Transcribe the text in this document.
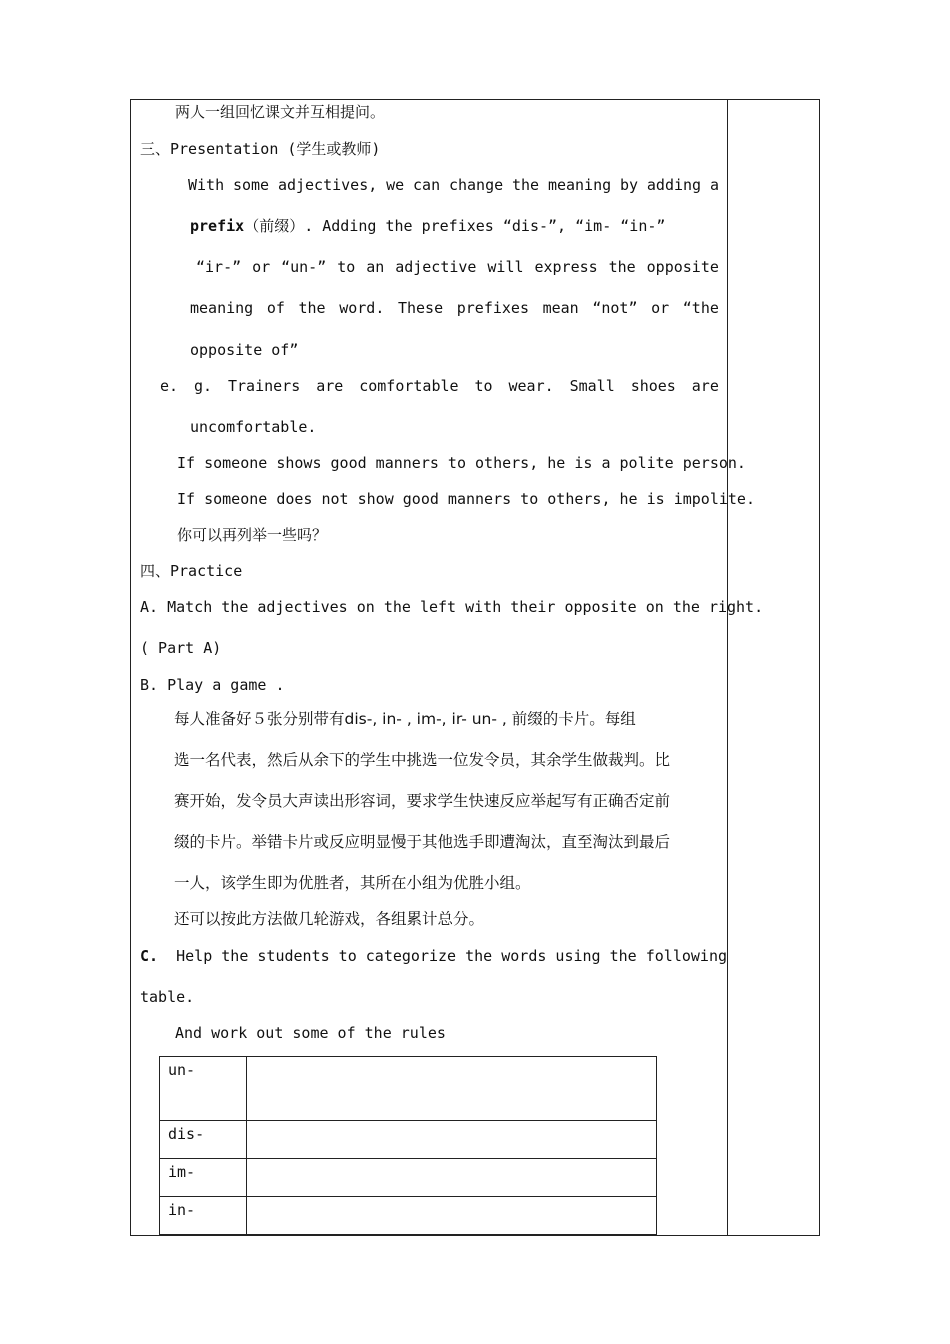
两人一组回忆课文并互相提问。
三、Presentation (学生或教师)
With some adjectives, we can change the meaning by adding a
prefix（前缀）. Adding the prefixes “dis-”, “im- “in-”
“ir-” or “un-” to an adjective will express the opposite
meaning of the word. These prefixes mean “not” or “the
opposite of”
e. g. Trainers are comfortable to wear. Small shoes are
uncomfortable.
If someone shows good manners to others, he is a polite person.
If someone does not show good manners to others, he is impolite.
你可以再列举一些吗？
四、Practice
A. Match the adjectives on the left with their opposite on the right.
( Part A)
B. Play a game .
每人准备好５张分别带有dis-, in- , im-, ir- un- , 前缀的卡片。每组
选一名代表，然后从余下的学生中挑选一位发令员，其余学生做裁判。比
赛开始，发令员大声读出形容词，要求学生快速反应举起写有正确否定前
缀的卡片。举错卡片或反应明显慢于其他选手即遭淘汰，直至淘汰到最后
一人，该学生即为优胜者，其所在小组为优胜小组。
还可以按此方法做几轮游戏，各组累计总分。
C. Help the students to categorize the words using the following
table.
And work out some of the rules
un-	
dis-	
im-	
in-	
